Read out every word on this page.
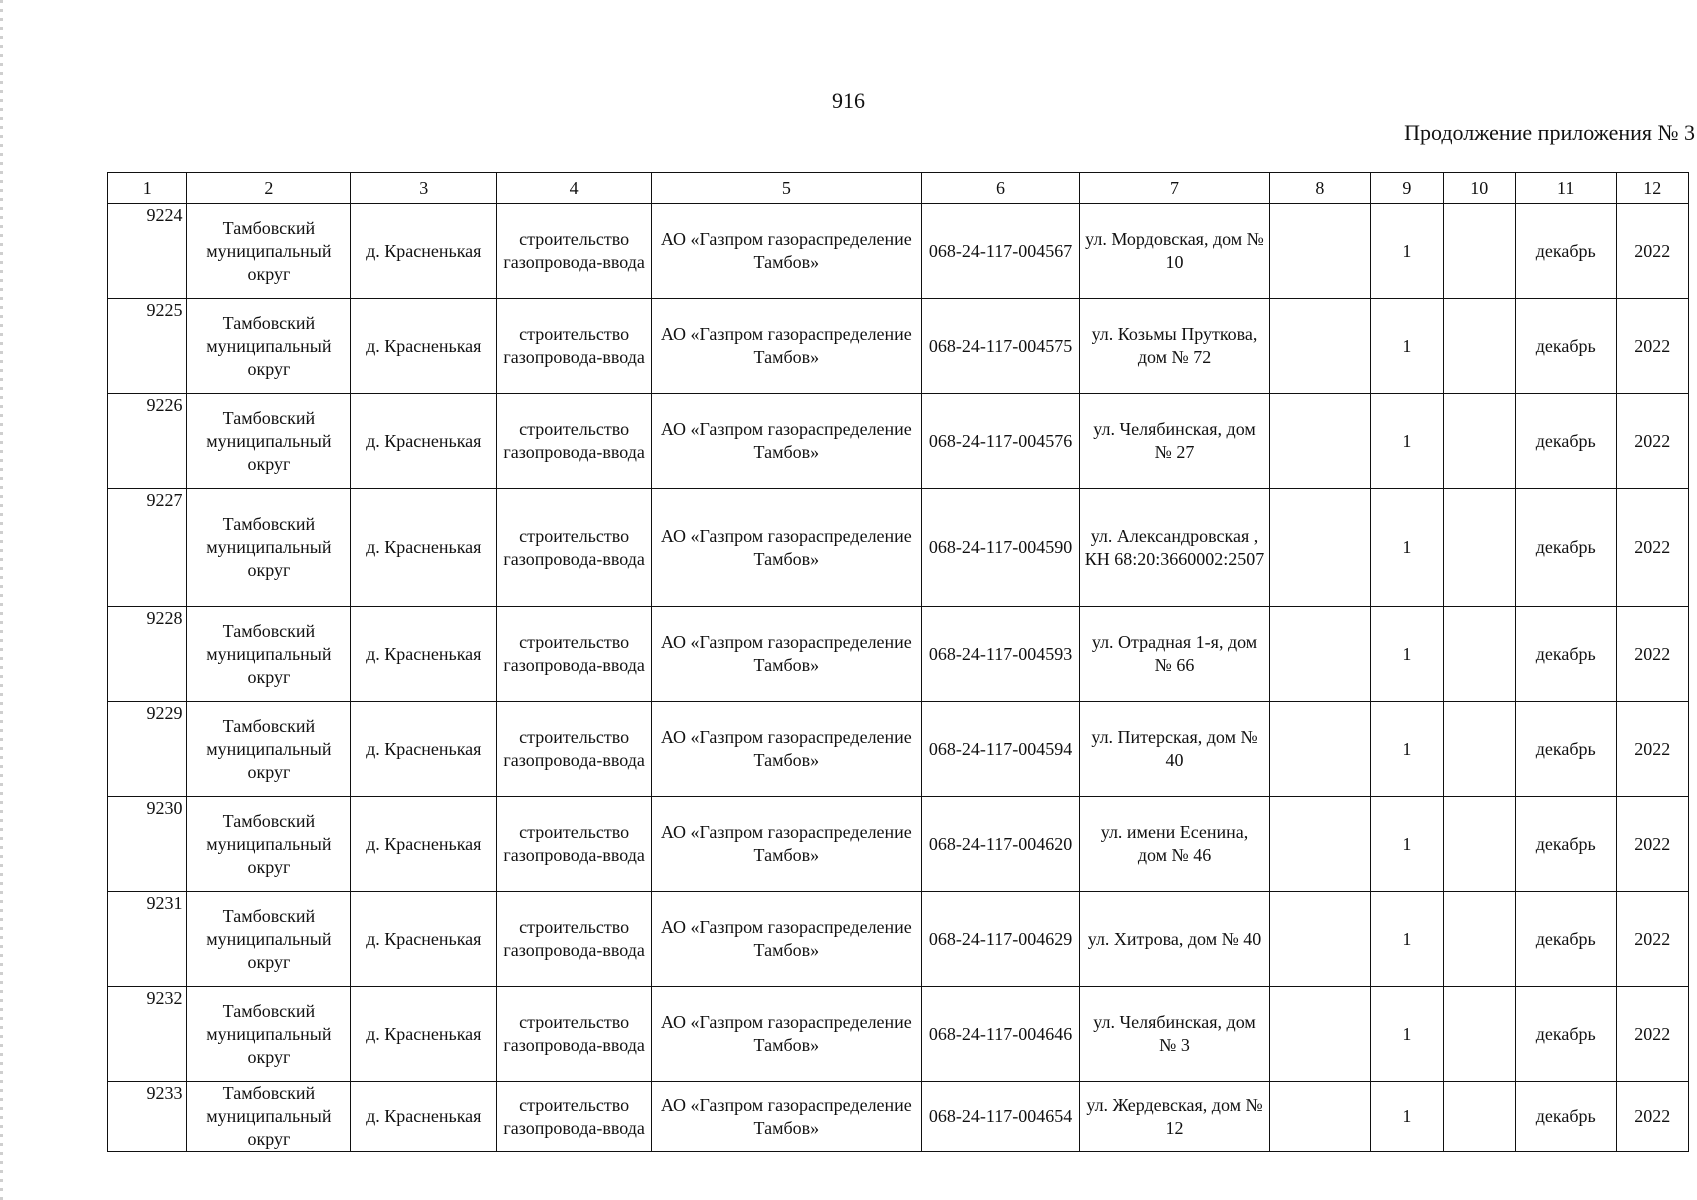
916
Продолжение приложения № 3
1	2	3	4	5	6	7	8	9	10	11	12
9224	Тамбовский муниципальный округ	д. Красненькая	строительство газопровода-ввода	АО «Газпром газораспределение Тамбов»	068-24-117-004567	ул. Мордовская, дом № 10		1		декабрь	2022
9225	Тамбовский муниципальный округ	д. Красненькая	строительство газопровода-ввода	АО «Газпром газораспределение Тамбов»	068-24-117-004575	ул. Козьмы Пруткова, дом № 72		1		декабрь	2022
9226	Тамбовский муниципальный округ	д. Красненькая	строительство газопровода-ввода	АО «Газпром газораспределение Тамбов»	068-24-117-004576	ул. Челябинская, дом № 27		1		декабрь	2022
9227	Тамбовский муниципальный округ	д. Красненькая	строительство газопровода-ввода	АО «Газпром газораспределение Тамбов»	068-24-117-004590	ул. Александровская , КН 68:20:3660002:2507		1		декабрь	2022
9228	Тамбовский муниципальный округ	д. Красненькая	строительство газопровода-ввода	АО «Газпром газораспределение Тамбов»	068-24-117-004593	ул. Отрадная 1-я, дом № 66		1		декабрь	2022
9229	Тамбовский муниципальный округ	д. Красненькая	строительство газопровода-ввода	АО «Газпром газораспределение Тамбов»	068-24-117-004594	ул. Питерская, дом № 40		1		декабрь	2022
9230	Тамбовский муниципальный округ	д. Красненькая	строительство газопровода-ввода	АО «Газпром газораспределение Тамбов»	068-24-117-004620	ул. имени Есенина, дом № 46		1		декабрь	2022
9231	Тамбовский муниципальный округ	д. Красненькая	строительство газопровода-ввода	АО «Газпром газораспределение Тамбов»	068-24-117-004629	ул. Хитрова, дом № 40		1		декабрь	2022
9232	Тамбовский муниципальный округ	д. Красненькая	строительство газопровода-ввода	АО «Газпром газораспределение Тамбов»	068-24-117-004646	ул. Челябинская, дом № 3		1		декабрь	2022
9233	Тамбовский муниципальный округ	д. Красненькая	строительство газопровода-ввода	АО «Газпром газораспределение Тамбов»	068-24-117-004654	ул. Жердевская, дом № 12		1		декабрь	2022
